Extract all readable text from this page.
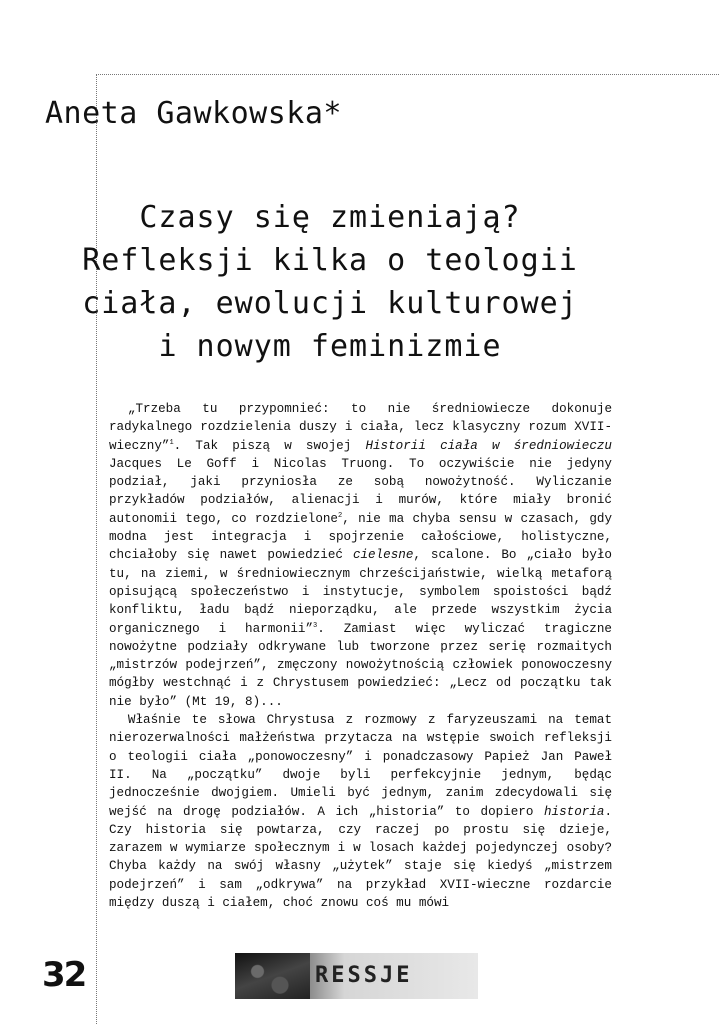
Aneta Gawkowska*
Czasy się zmieniają?
Refleksji kilka o teologii
ciała, ewolucji kulturowej
i nowym feminizmie

„Trzeba tu przypomnieć: to nie średniowiecze dokonuje radykalnego rozdzielenia duszy i ciała, lecz klasyczny rozum XVII-wieczny”$^1$. Tak piszą w swojej Historii ciała w średniowieczu Jacques Le Goff i Nicolas Truong. To oczywiście nie jedyny podział, jaki przyniosła ze sobą nowożytność. Wyliczanie przykładów podziałów, alienacji i murów, które miały bronić autonomii tego, co rozdzielone$^2$, nie ma chyba sensu w czasach, gdy modna jest integracja i spojrzenie całościowe, holistyczne, chciałoby się nawet powiedzieć cielesne, scalone. Bo „ciało było tu, na ziemi, w średniowiecznym chrześcijaństwie, wielką metaforą opisującą społeczeństwo i instytucje, symbolem spoistości bądź konfliktu, ładu bądź nieporządku, ale przede wszystkim życia organicznego i harmonii”$^3$. Zamiast więc wyliczać tragiczne nowożytne podziały odkrywane lub tworzone przez serię rozmaitych „mistrzów podejrzeń”, zmęczony nowożytnością człowiek ponowoczesny mógłby westchnąć i z Chrystusem powiedzieć: „Lecz od początku tak nie było” (Mt 19, 8)...

Właśnie te słowa Chrystusa z rozmowy z faryzeuszami na temat nierozerwalności małżeństwa przytacza na wstępie swoich refleksji o teologii ciała „ponowoczesny” i ponadczasowy Papież Jan Paweł II. Na „początku” dwoje byli perfekcyjnie jednym, będąc jednocześnie dwojgiem. Umieli być jednym, zanim zdecydowali się wejść na drogę podziałów. A ich „historia” to dopiero historia. Czy historia się powtarza, czy raczej po prostu się dzieje, zarazem w wymiarze społecznym i w losach każdej pojedynczej osoby? Chyba każdy na swój własny „użytek” staje się kiedyś „mistrzem podejrzeń” i sam „odkrywa” na przykład XVII-wieczne rozdarcie między duszą i ciałem, choć znowu coś mu mówi

32	RESSJE
